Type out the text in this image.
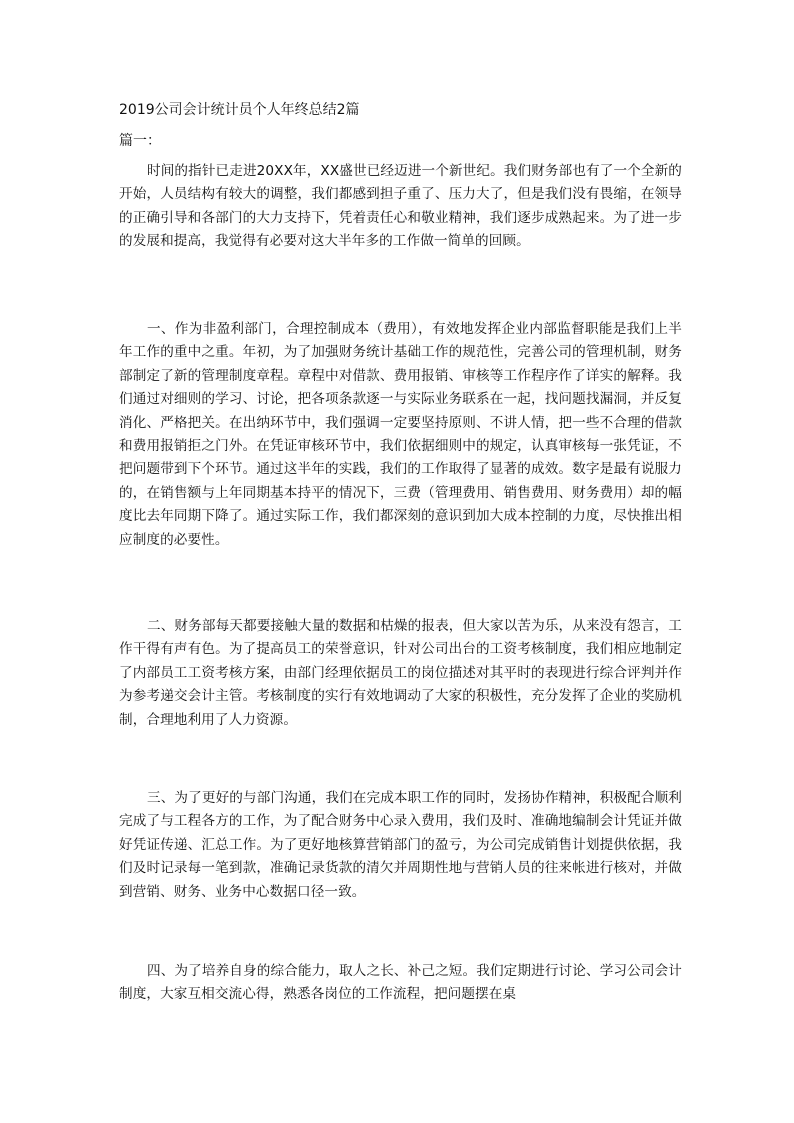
2019公司会计统计员个人年终总结2篇
篇一：

时间的指针已走进20XX年，XX盛世已经迈进一个新世纪。我们财务部也有了一个全新的开始，人员结构有较大的调整，我们都感到担子重了、压力大了，但是我们没有畏缩，在领导的正确引导和各部门的大力支持下，凭着责任心和敬业精神，我们逐步成熟起来。为了进一步的发展和提高，我觉得有必要对这大半年多的工作做一简单的回顾。

一、作为非盈利部门，合理控制成本（费用），有效地发挥企业内部监督职能是我们上半年工作的重中之重。年初，为了加强财务统计基础工作的规范性，完善公司的管理机制，财务部制定了新的管理制度章程。章程中对借款、费用报销、审核等工作程序作了详实的解释。我们通过对细则的学习、讨论，把各项条款逐一与实际业务联系在一起，找问题找漏洞，并反复消化、严格把关。在出纳环节中，我们强调一定要坚持原则、不讲人情，把一些不合理的借款和费用报销拒之门外。在凭证审核环节中，我们依据细则中的规定，认真审核每一张凭证，不把问题带到下个环节。通过这半年的实践，我们的工作取得了显著的成效。数字是最有说服力的，在销售额与上年同期基本持平的情况下，三费（管理费用、销售费用、财务费用）却的幅度比去年同期下降了。通过实际工作，我们都深刻的意识到加大成本控制的力度，尽快推出相应制度的必要性。

二、财务部每天都要接触大量的数据和枯燥的报表，但大家以苦为乐，从来没有怨言，工作干得有声有色。为了提高员工的荣誉意识，针对公司出台的工资考核制度，我们相应地制定了内部员工工资考核方案，由部门经理依据员工的岗位描述对其平时的表现进行综合评判并作为参考递交会计主管。考核制度的实行有效地调动了大家的积极性，充分发挥了企业的奖励机制，合理地利用了人力资源。

三、为了更好的与部门沟通，我们在完成本职工作的同时，发扬协作精神，积极配合顺利完成了与工程各方的工作，为了配合财务中心录入费用，我们及时、准确地编制会计凭证并做好凭证传递、汇总工作。为了更好地核算营销部门的盈亏，为公司完成销售计划提供依据，我们及时记录每一笔到款，准确记录货款的清欠并周期性地与营销人员的往来帐进行核对，并做到营销、财务、业务中心数据口径一致。

四、为了培养自身的综合能力，取人之长、补己之短。我们定期进行讨论、学习公司会计制度，大家互相交流心得，熟悉各岗位的工作流程，把问题摆在桌
